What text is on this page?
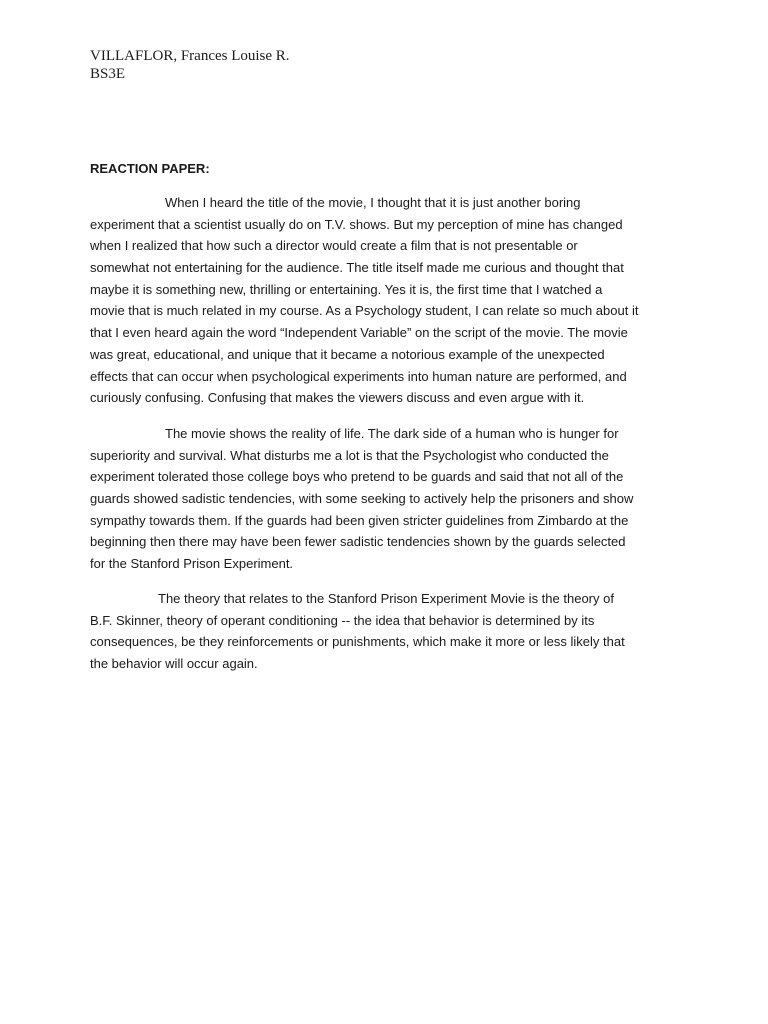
VILLAFLOR, Frances Louise R.
BS3E
REACTION PAPER:
When I heard the title of the movie, I thought that it is just another boring
experiment that a scientist usually do on T.V. shows. But my perception of mine has changed
when I realized that how such a director would create a film that is not presentable or
somewhat not entertaining for the audience. The title itself made me curious and thought that
maybe it is something new, thrilling or entertaining. Yes it is, the first time that I watched a
movie that is much related in my course. As a Psychology student, I can relate so much about it
that I even heard again the word “Independent Variable” on the script of the movie. The movie
was great, educational, and unique that it became a notorious example of the unexpected
effects that can occur when psychological experiments into human nature are performed, and
curiously confusing. Confusing that makes the viewers discuss and even argue with it.
The movie shows the reality of life. The dark side of a human who is hunger for
superiority and survival. What disturbs me a lot is that the Psychologist who conducted the
experiment tolerated those college boys who pretend to be guards and said that not all of the
guards showed sadistic tendencies, with some seeking to actively help the prisoners and show
sympathy towards them. If the guards had been given stricter guidelines from Zimbardo at the
beginning then there may have been fewer sadistic tendencies shown by the guards selected
for the Stanford Prison Experiment.
The theory that relates to the Stanford Prison Experiment Movie is the theory of
B.F. Skinner, theory of operant conditioning -- the idea that behavior is determined by its
consequences, be they reinforcements or punishments, which make it more or less likely that
the behavior will occur again.
